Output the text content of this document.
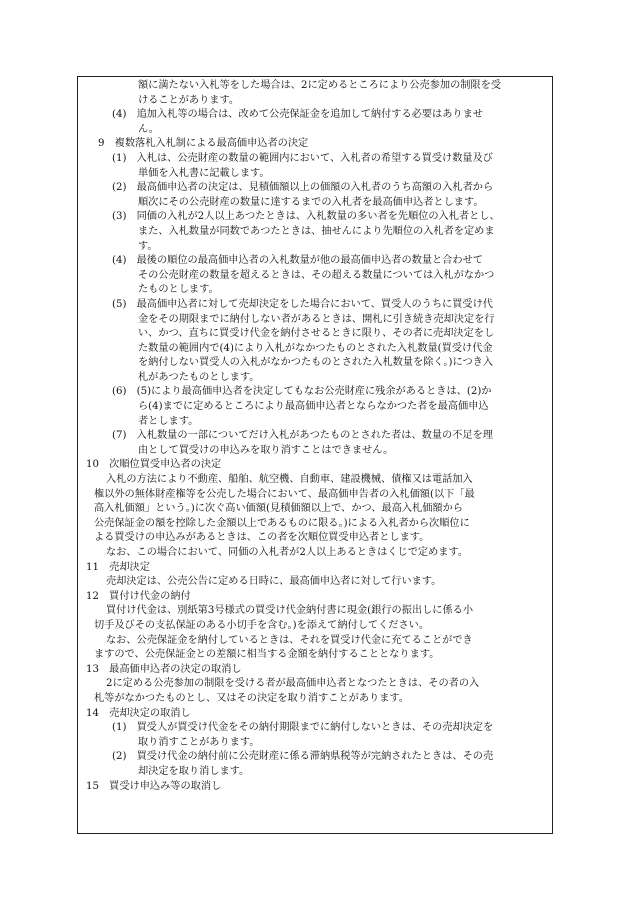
額に満たない入札等をした場合は、2に定めるところにより公売参加の制限を受
けることがあります。
(4)　追加入札等の場合は、改めて公売保証金を追加して納付する必要はありませ
ん。
9　複数落札入札制による最高価申込者の決定
(1)　入札は、公売財産の数量の範囲内において、入札者の希望する買受け数量及び
単価を入札書に記載します。
(2)　最高価申込者の決定は、見積価額以上の価額の入札者のうち高額の入札者から
順次にその公売財産の数量に達するまでの入札者を最高価申込者とします。
(3)　同価の入札が2人以上あつたときは、入札数量の多い者を先順位の入札者とし、
また、入札数量が同数であつたときは、抽せんにより先順位の入札者を定めま
す。
(4)　最後の順位の最高価申込者の入札数量が他の最高価申込者の数量と合わせて
その公売財産の数量を超えるときは、その超える数量については入札がなかつ
たものとします。
(5)　最高価申込者に対して売却決定をした場合において、買受人のうちに買受け代
金をその期限までに納付しない者があるときは、開札に引き続き売却決定を行
い、かつ、直ちに買受け代金を納付させるときに限り、その者に売却決定をし
た数量の範囲内で(4)により入札がなかつたものとされた入札数量(買受け代金
を納付しない買受人の入札がなかつたものとされた入札数量を除く。)につき入
札があつたものとします。
(6)　(5)により最高価申込者を決定してもなお公売財産に残余があるときは、(2)か
ら(4)までに定めるところにより最高価申込者とならなかつた者を最高価申込
者とします。
(7)　入札数量の一部についてだけ入札があつたものとされた者は、数量の不足を理
由として買受けの申込みを取り消すことはできません。
10　次順位買受申込者の決定
入札の方法により不動産、船舶、航空機、自動車、建設機械、債権又は電話加入
権以外の無体財産権等を公売した場合において、最高価申告者の入札価額(以下「最
高入札価額」という。)に次ぐ高い価額(見積価額以上で、かつ、最高入札価額から
公売保証金の額を控除した金額以上であるものに限る。)による入札者から次順位に
よる買受けの申込みがあるときは、この者を次順位買受申込者とします。
なお、この場合において、同価の入札者が2人以上あるときはくじで定めます。
11　売却決定
売却決定は、公売公告に定める日時に、最高価申込者に対して行います。
12　買付け代金の納付
買付け代金は、別紙第3号様式の買受け代金納付書に現金(銀行の振出しに係る小
切手及びその支払保証のある小切手を含む。)を添えて納付してください。
なお、公売保証金を納付しているときは、それを買受け代金に充てることができ
ますので、公売保証金との差額に相当する金額を納付することとなります。
13　最高価申込者の決定の取消し
2に定める公売参加の制限を受ける者が最高価申込者となつたときは、その者の入
札等がなかつたものとし、又はその決定を取り消すことがあります。
14　売却決定の取消し
(1)　買受人が買受け代金をその納付期限までに納付しないときは、その売却決定を
取り消すことがあります。
(2)　買受け代金の納付前に公売財産に係る滞納県税等が完納されたときは、その売
却決定を取り消します。
15　買受け申込み等の取消し
